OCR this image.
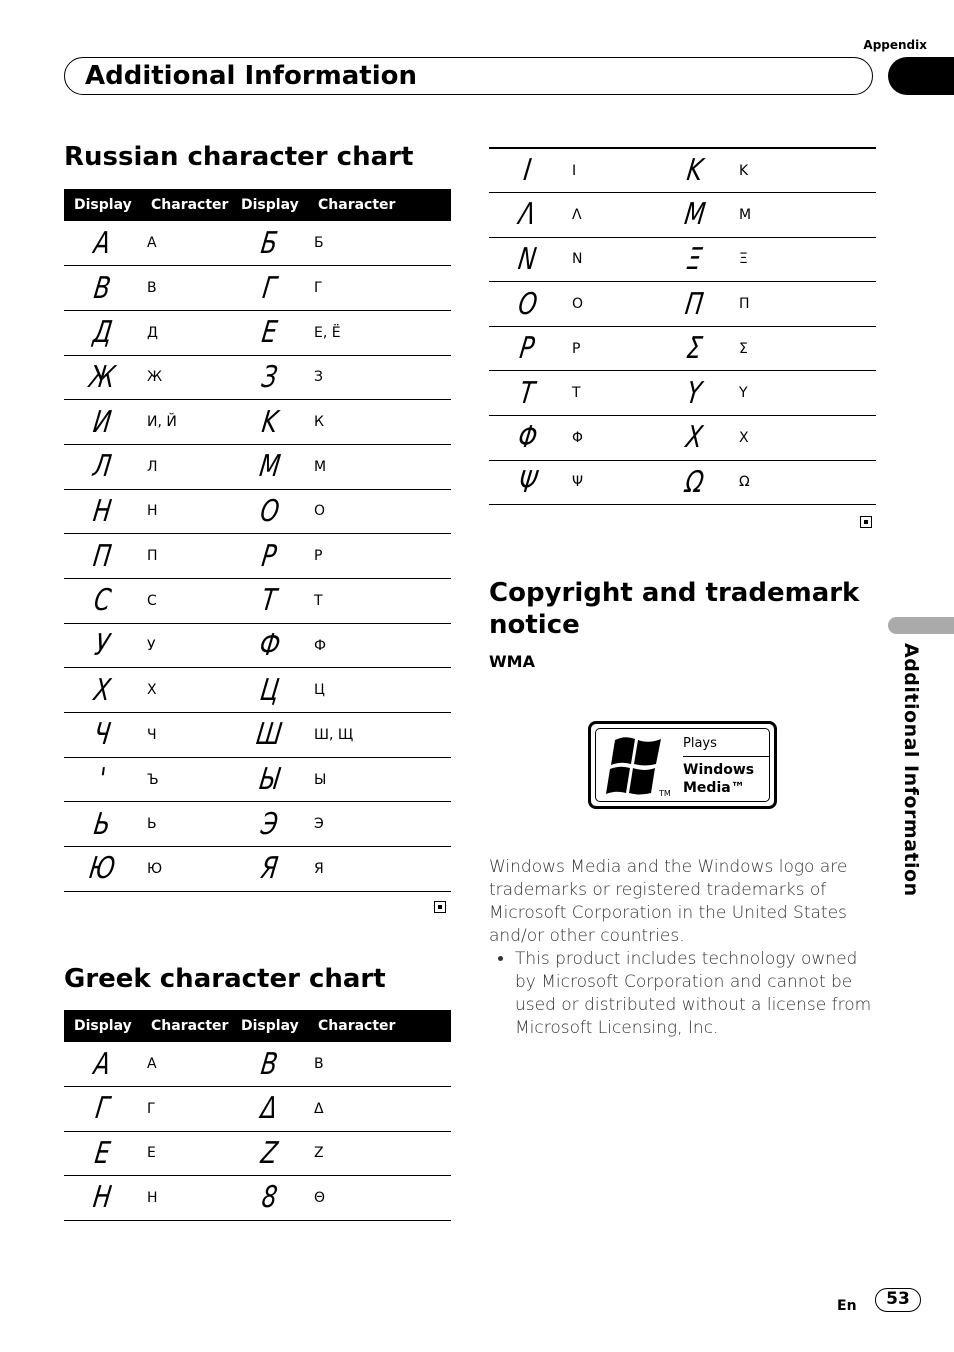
Appendix
Additional Information
Russian character chart
Display	Character	Display	Character
A	А	Б	Б
B	В	Г	Г
Д	Д	E	Е, Ё
Ж	Ж	З	З
И	И, Й	K	К
Л	Л	M	М
H	Н	O	О
П	П	P	Р
C	С	T	Т
У	У	Ф	Ф
X	Х	Ц	Ц
Ч	Ч	Ш	Ш, Щ
'	Ъ	Ы	Ы
Ь	Ь	Э	Э
Ю	Ю	Я	Я
Greek character chart
Display	Character	Display	Character
A	Α	B	Β
Г	Γ	Δ	Δ
E	Ε	Z	Ζ
H	Η	8	Θ
I	Ι	K	Κ
Λ	Λ	M	Μ
N	Ν	Ξ	Ξ
O	Ο	П	Π
P	Ρ	Σ	Σ
T	Τ	Y	Υ
Φ	Φ	X	Χ
Ψ	Ψ	Ω	Ω
Copyright and trademark notice
WMA
TM
Plays
Windows
Media™
Windows Media and the Windows logo are trademarks or registered trademarks of Microsoft Corporation in the United States and/or other countries.
• This product includes technology owned by Microsoft Corporation and cannot be used or distributed without a license from Microsoft Licensing, Inc.
Additional Information
En	53
